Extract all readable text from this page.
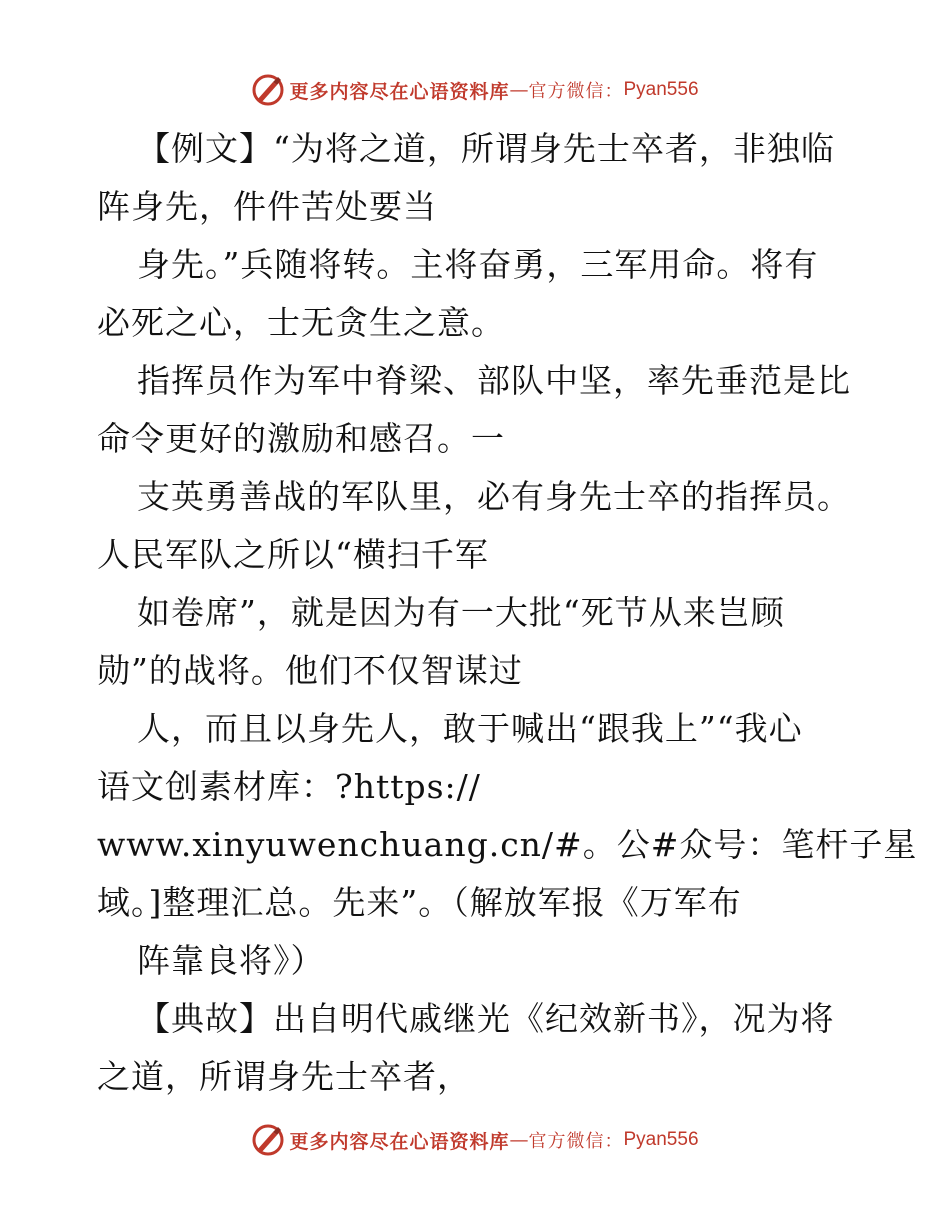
更多内容尽在心语资料库 — 官方微信： Pyan556
【例文】“为将之道，所谓身先士卒者，非独临
阵身先，件件苦处要当
身先。”兵随将转。主将奋勇，三军用命。将有
必死之心，士无贪生之意。
指挥员作为军中脊梁、部队中坚，率先垂范是比
命令更好的激励和感召。一
支英勇善战的军队里，必有身先士卒的指挥员。
人民军队之所以“横扫千军
如卷席”，就是因为有一大批“死节从来岂顾
勋”的战将。他们不仅智谋过
人，而且以身先人，敢于喊出“跟我上”“我心
语文创素材库：?https://
www.xinyuwenchuang.cn/#。公#众号：笔杆子星
域。]整理汇总。先来”。（解放军报《万军布
阵靠良将》）
【典故】出自明代戚继光《纪效新书》，况为将
之道，所谓身先士卒者，
更多内容尽在心语资料库 — 官方微信： Pyan556
